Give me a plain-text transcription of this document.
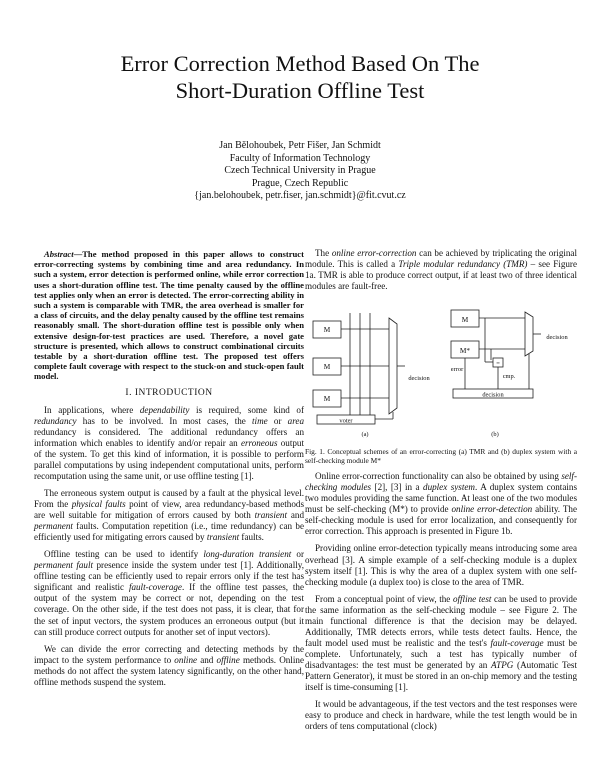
Error Correction Method Based On The
Short-Duration Offline Test
Jan Bělohoubek, Petr Fišer, Jan Schmidt
Faculty of Information Technology
Czech Technical University in Prague
Prague, Czech Republic
{jan.belohoubek, petr.fiser, jan.schmidt}@fit.cvut.cz

Abstract—The method proposed in this paper allows to construct error-correcting systems by combining time and area redundancy. In such a system, error detection is performed online, while error correction uses a short-duration offline test. The time penalty caused by the offline test applies only when an error is detected. The error-correcting ability in such a system is comparable with TMR, the area overhead is smaller for a class of circuits, and the delay penalty caused by the offline test remains reasonably small. The short-duration offline test is possible only when extensive design-for-test practices are used. Therefore, a novel gate structure is presented, which allows to construct combinational circuits testable by a short-duration offline test. The proposed test offers complete fault coverage with respect to the stuck-on and stuck-open fault model.

I. INTRODUCTION

In applications, where dependability is required, some kind of redundancy has to be involved. In most cases, the time or area redundancy is considered. The additional redundancy offers an information which enables to identify and/or repair an erroneous output of the system. To get this kind of information, it is possible to perform parallel computations by using independent computational units, perform recomputation using the same unit, or use offline testing [1].

The erroneous system output is caused by a fault at the physical level. From the physical faults point of view, area redundancy-based methods are well suitable for mitigation of errors caused by both transient and permanent faults. Computation repetition (i.e., time redundancy) can be efficiently used for mitigating errors caused by transient faults.

Offline testing can be used to identify long-duration transient or permanent fault presence inside the system under test [1]. Additionally, offline testing can be efficiently used to repair errors only if the test has significant and realistic fault-coverage. If the offline test passes, the output of the system may be correct or not, depending on the test coverage. On the other side, if the test does not pass, it is clear, that for the set of input vectors, the system produces an erroneous output (but it can still produce correct outputs for another set of input vectors).

We can divide the error correcting and detecting methods by the impact to the system performance to online and offline methods. Online methods do not affect the system latency significantly, on the other hand, offline methods suspend the system.

The online error-correction can be achieved by triplicating the original module. This is called a Triple modular redundancy (TMR) – see Figure 1a. TMR is able to produce correct output, if at least two of three identical modules are fault-free.

M
M
M
voter
decision
(a)
M
M*
=
cmp.
error
decision
decision
(b)

Fig. 1. Conceptual schemes of an error-correcting (a) TMR and (b) duplex system with a self-checking module M*

Online error-correction functionality can also be obtained by using self-checking modules [2], [3] in a duplex system. A duplex system contains two modules providing the same function. At least one of the two modules must be self-checking (M*) to provide online error-detection ability. The self-checking module is used for error localization, and consequently for error correction. This approach is presented in Figure 1b.

Providing online error-detection typically means introducing some area overhead [3]. A simple example of a self-checking module is a duplex system itself [1]. This is why the area of a duplex system with one self-checking module (a duplex too) is close to the area of TMR.

From a conceptual point of view, the offline test can be used to provide the same information as the self-checking module – see Figure 2. The main functional difference is that the decision may be delayed. Additionally, TMR detects errors, while tests detect faults. Hence, the fault model used must be realistic and the test's fault-coverage must be complete. Unfortunately, such a test has typically number of disadvantages: the test must be generated by an ATPG (Automatic Test Pattern Generator), it must be stored in an on-chip memory and the testing itself is time-consuming [1].

It would be advantageous, if the test vectors and the test responses were easy to produce and check in hardware, while the test length would be in orders of tens computational (clock)
